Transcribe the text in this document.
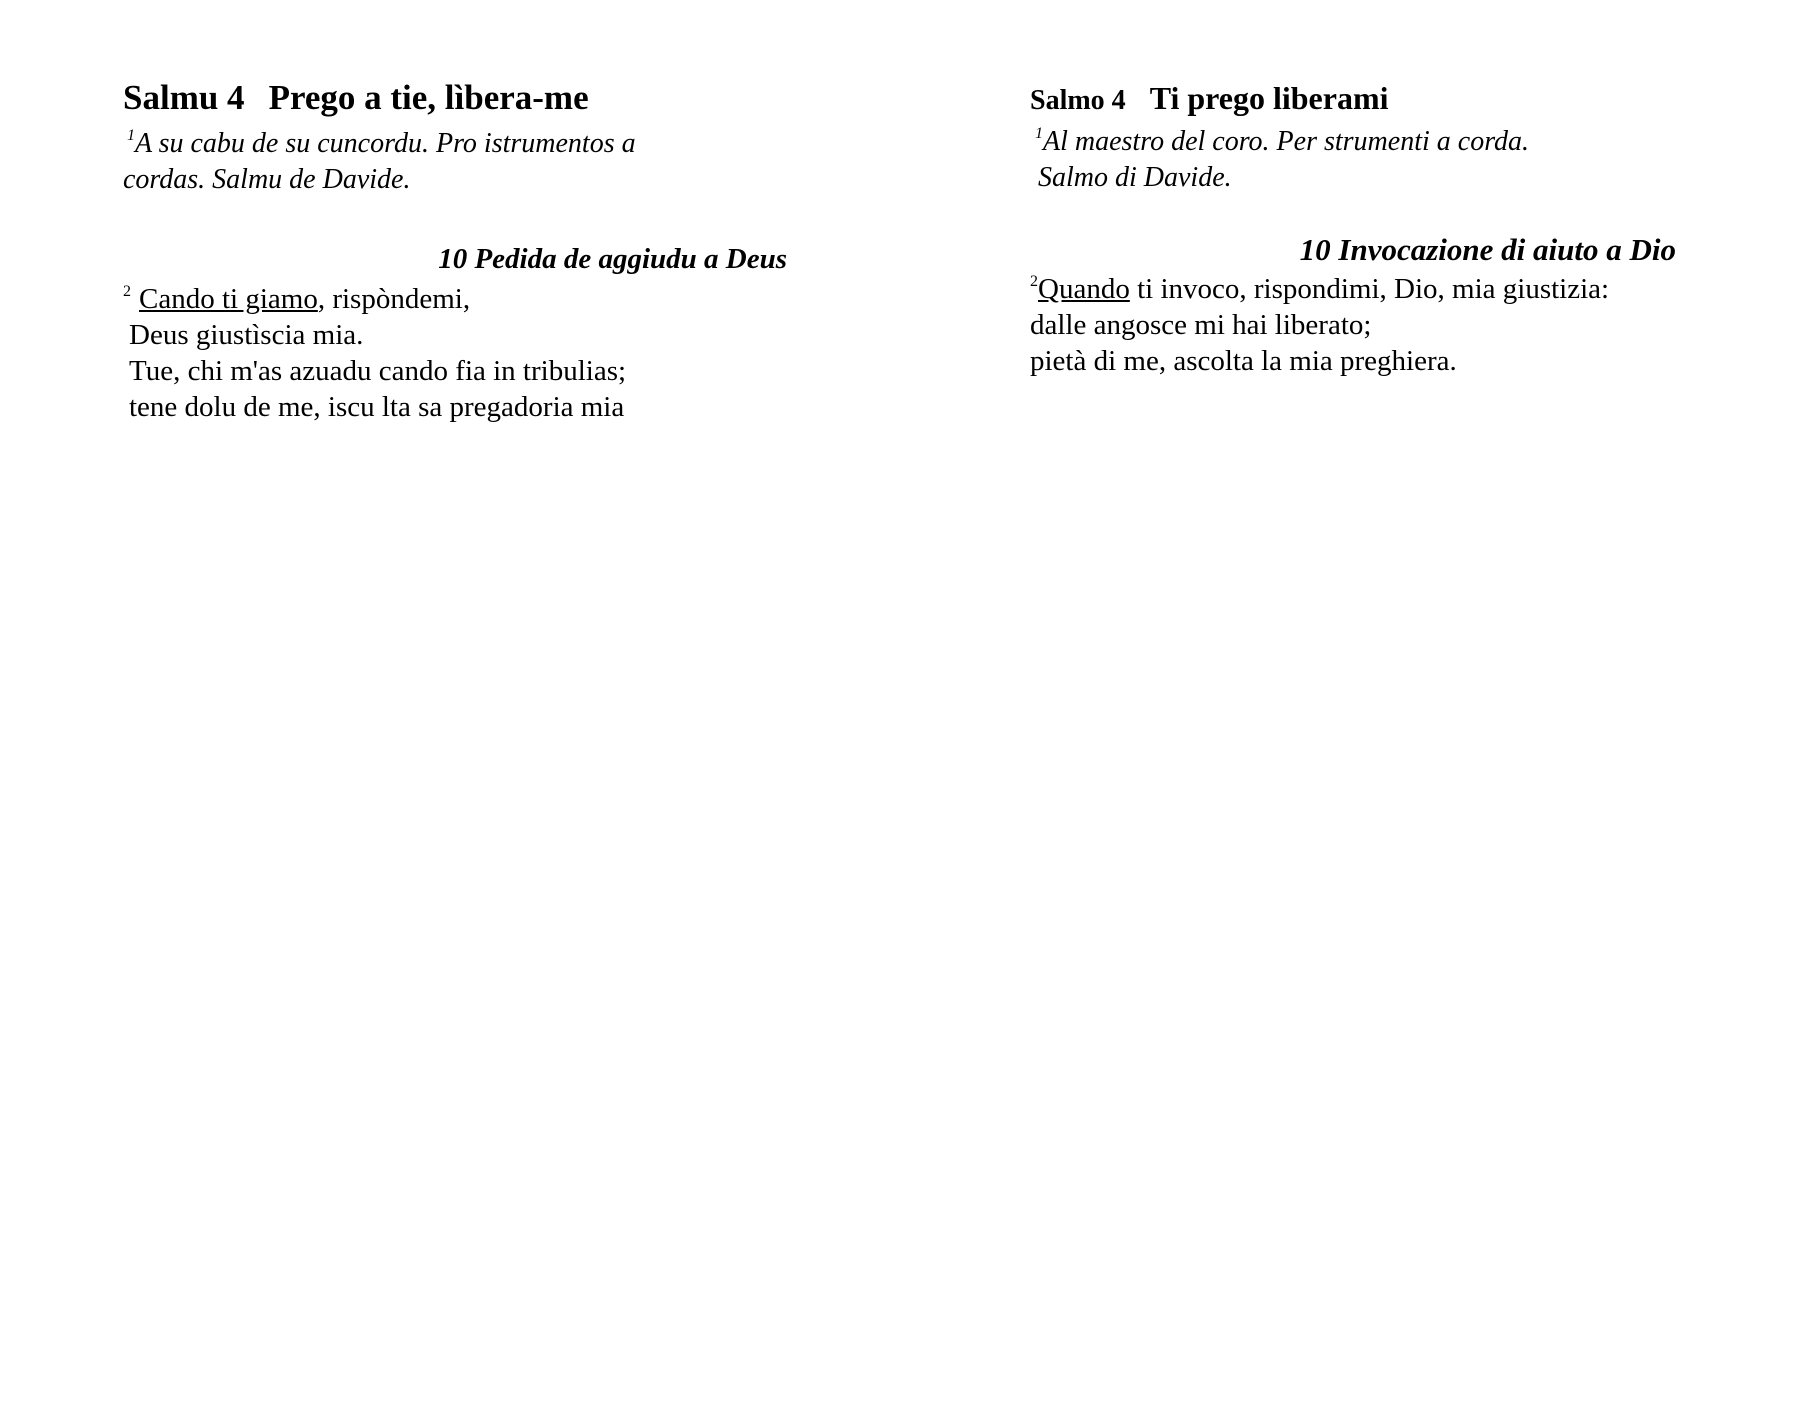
Salmu 4 Prego a tie, lìbera-me
$^1$A su cabu de su cuncordu. Pro istrumentos a
cordas. Salmu de Davide.
10 Pedida de aggiudu a Deus
$^2$ Cando ti giamo, rispòndemi,
Deus giustìscia mia.
Tue, chi m'as azuadu cando fia in tribulias;
tene dolu de me, iscu lta sa pregadoria mia
Salmo 4 Ti prego liberami
$^1$Al maestro del coro. Per strumenti a corda.
Salmo di Davide.
10 Invocazione di aiuto a Dio
$^2$Quando ti invoco, rispondimi, Dio, mia giustizia:
dalle angosce mi hai liberato;
pietà di me, ascolta la mia preghiera.
